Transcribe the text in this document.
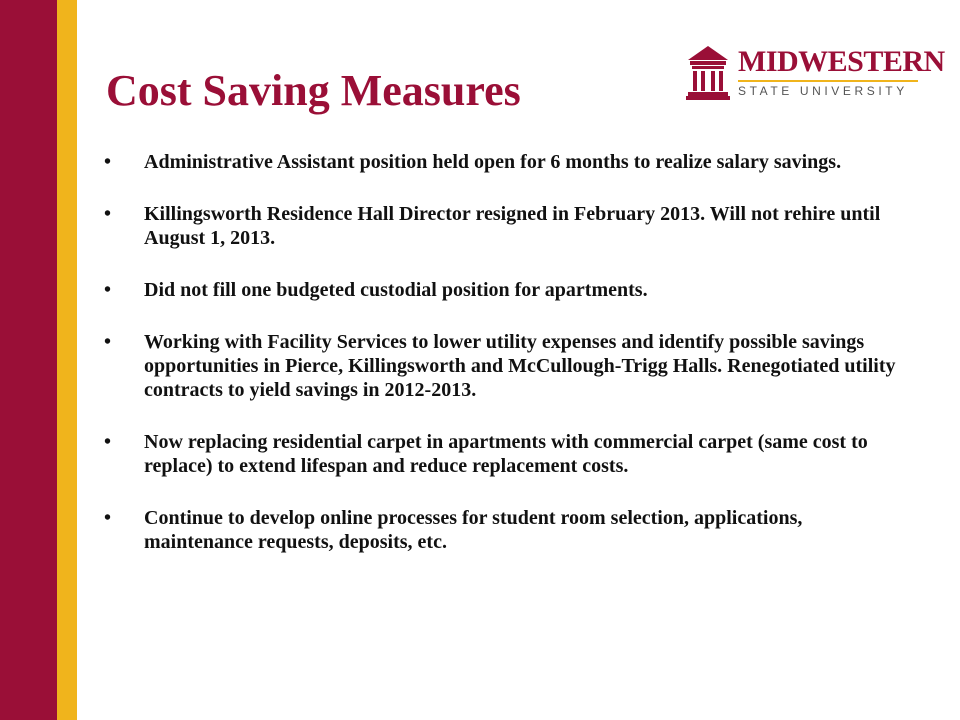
Cost Saving Measures
MIDWESTERN
STATE UNIVERSITY
• Administrative Assistant position held open for 6 months to realize salary savings.
• Killingsworth Residence Hall Director resigned in February 2013. Will not rehire until August 1, 2013.
• Did not fill one budgeted custodial position for apartments.
• Working with Facility Services to lower utility expenses and identify possible savings opportunities in Pierce, Killingsworth and McCullough-Trigg Halls. Renegotiated utility contracts to yield savings in 2012-2013.
• Now replacing residential carpet in apartments with commercial carpet (same cost to replace) to extend lifespan and reduce replacement costs.
• Continue to develop online processes for student room selection, applications, maintenance requests, deposits, etc.
